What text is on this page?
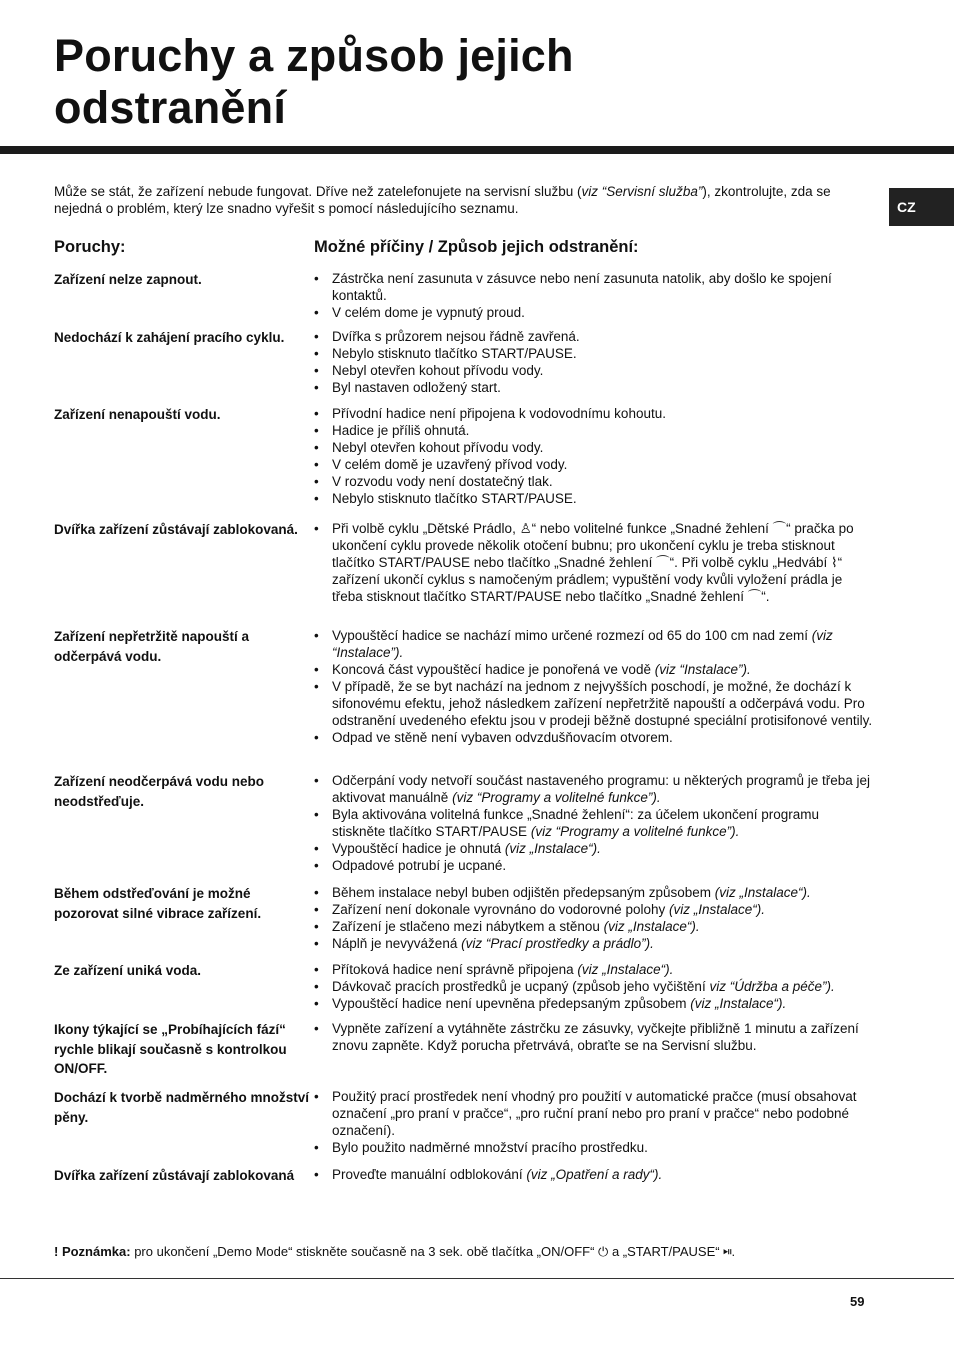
Poruchy a způsob jejich
odstranění
CZ

Může se stát, že zařízení nebude fungovat. Dříve než zatelefonujete na servisní službu (viz “Servisní služba”), zkontrolujte, zda se nejedná o problém, který lze snadno vyřešit s pomocí následujícího seznamu.

Poruchy:	Možné příčiny / Způsob jejich odstranění:
Zařízení nelze zapnout.	• Zástrčka není zasunuta v zásuvce nebo není zasunuta natolik, aby došlo ke spojení kontaktů.
• V celém dome je vypnutý proud.
Nedochází k zahájení pracího cyklu.	• Dvířka s průzorem nejsou řádně zavřená.
• Nebylo stisknuto tlačítko START/PAUSE.
• Nebyl otevřen kohout přívodu vody.
• Byl nastaven odložený start.
Zařízení nenapouští vodu.	• Přívodní hadice není připojena k vodovodnímu kohoutu.
• Hadice je příliš ohnutá.
• Nebyl otevřen kohout přívodu vody.
• V celém domě je uzavřený přívod vody.
• V rozvodu vody není dostatečný tlak.
• Nebylo stisknuto tlačítko START/PAUSE.
Dvířka zařízení zůstávají zablokovaná.	• Při volbě cyklu „Dětské Prádlo, ♙“ nebo volitelné funkce „Snadné žehlení ⌒“ pračka po ukončení cyklu provede několik otočení bubnu; pro ukončení cyklu je treba stisknout tlačítko START/PAUSE nebo tlačítko „Snadné žehlení ⌒“. Při volbě cyklu „Hedvábí ⌇“ zařízení ukončí cyklus s namočeným prádlem; vypuštění vody kvůli vyložení prádla je třeba stisknout tlačítko START/PAUSE nebo tlačítko „Snadné žehlení ⌒“.
Zařízení nepřetržitě napouští a odčerpává vodu.
• Vypouštěcí hadice se nachází mimo určené rozmezí od 65 do 100 cm nad zemí (viz “Instalace”).
• Koncová část vypouštěcí hadice je ponořená ve vodě (viz “Instalace”).
• V případě, že se byt nachází na jednom z nejvyšších poschodí, je možné, že dochází k sifonovému efektu, jehož následkem zařízení nepřetržitě napouští a odčerpává vodu. Pro odstranění uvedeného efektu jsou v prodeji běžně dostupné speciální protisifonové ventily.
• Odpad ve stěně není vybaven odvzdušňovacím otvorem.
Zařízení neodčerpává vodu nebo neodstřeďuje.
• Odčerpání vody netvoří součást nastaveného programu: u některých programů je třeba jej aktivovat manuálně (viz “Programy a volitelné funkce”).
• Byla aktivována volitelná funkce „Snadné žehlení“: za účelem ukončení programu stiskněte tlačítko START/PAUSE (viz “Programy a volitelné funkce”).
• Vypouštěcí hadice je ohnutá (viz „Instalace“).
• Odpadové potrubí je ucpané.
Během odstřeďování je možné pozorovat silné vibrace zařízení.
• Během instalace nebyl buben odjištěn předepsaným způsobem (viz „Instalace“).
• Zařízení není dokonale vyrovnáno do vodorovné polohy (viz „Instalace“).
• Zařízení je stlačeno mezi nábytkem a stěnou (viz „Instalace“).
• Náplň je nevyvážená (viz “Prací prostředky a prádlo”).
Ze zařízení uniká voda.	• Přítoková hadice není správně připojena (viz „Instalace“).
• Dávkovač pracích prostředků je ucpaný (způsob jeho vyčištění viz “Údržba a péče”).
• Vypouštěcí hadice není upevněna předepsaným způsobem (viz „Instalace“).
Ikony týkající se „Probíhajících fází“ rychle blikají současně s kontrolkou ON/OFF.
• Vypněte zařízení a vytáhněte zástrčku ze zásuvky, vyčkejte přibližně 1 minutu a zařízení znovu zapněte. Když porucha přetrvává, obraťte se na Servisní službu.
Dochází k tvorbě nadměrného množství pěny.
• Použitý prací prostředek není vhodný pro použití v automatické pračce (musí obsahovat označení „pro praní v pračce“, „pro ruční praní nebo pro praní v pračce“ nebo podobné označení).
• Bylo použito nadměrné množství pracího prostředku.
Dvířka zařízení zůstávají zablokovaná	• Proveďte manuální odblokování (viz „Opatření a rady“).
! Poznámka: pro ukončení „Demo Mode“ stiskněte současně na 3 sek. obě tlačítka „ON/OFF“ ⏻ a „START/PAUSE“ ⏯.
59
